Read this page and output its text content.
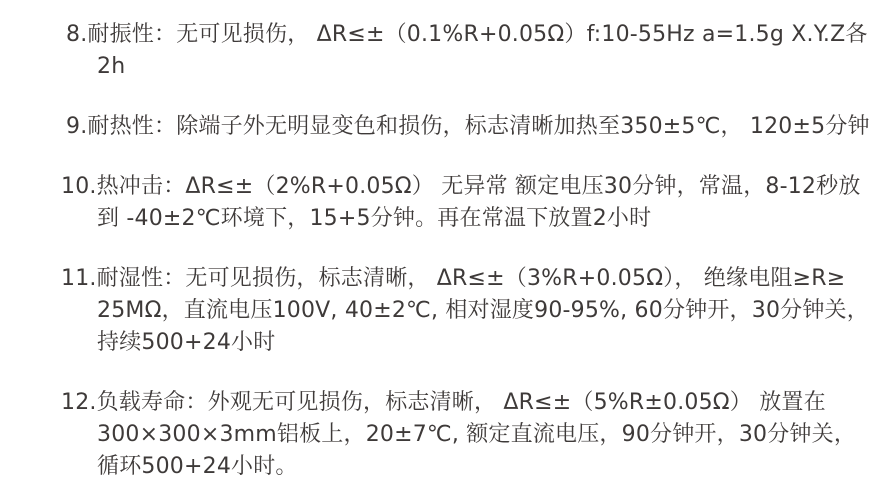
8.耐振性：无可见损伤， ΔR≤±（0.1%R+0.05Ω）f:10-55Hz a=1.5g X.Y.Z各
2h
9.耐热性：除端子外无明显变色和损伤，标志清晰加热至350±5℃， 120±5分钟
10.热冲击：ΔR≤±（2%R+0.05Ω） 无异常 额定电压30分钟，常温，8-12秒放
到 -40±2℃环境下，15+5分钟。再在常温下放置2小时
11.耐湿性：无可见损伤，标志清晰， ΔR≤±（3%R+0.05Ω）， 绝缘电阻≥R≥
25MΩ，直流电压100V, 40±2℃, 相对湿度90-95%, 60分钟开，30分钟关，
持续500+24小时
12.负载寿命：外观无可见损伤，标志清晰， ΔR≤±（5%R±0.05Ω） 放置在
300×300×3mm铝板上，20±7℃, 额定直流电压，90分钟开，30分钟关，
循环500+24小时。
